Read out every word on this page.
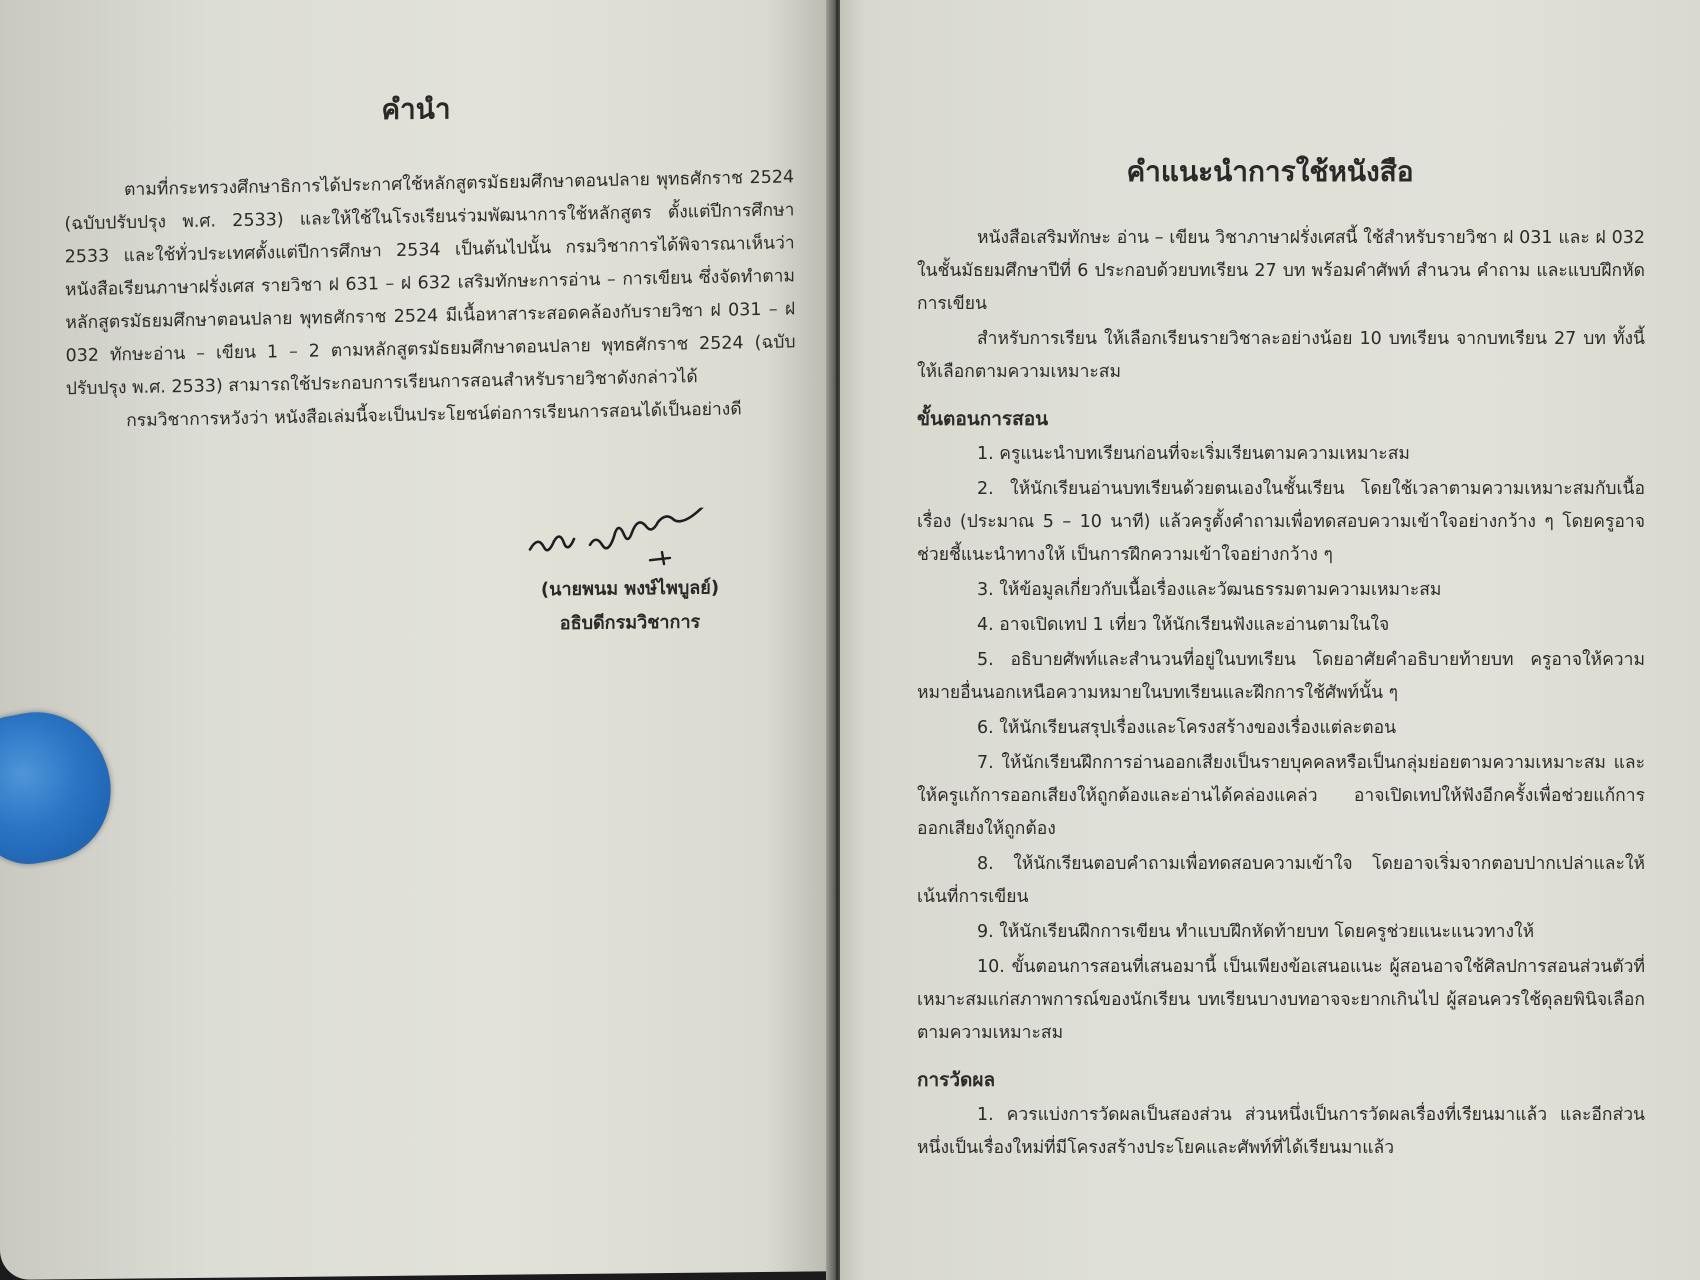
คำนำ

ตามที่กระทรวงศึกษาธิการได้ประกาศใช้หลักสูตรมัธยมศึกษาตอนปลาย พุทธศักราช 2524 (ฉบับปรับปรุง พ.ศ. 2533) และให้ใช้ในโรงเรียนร่วมพัฒนาการใช้หลักสูตร ตั้งแต่ปีการศึกษา 2533 และใช้ทั่วประเทศตั้งแต่ปีการศึกษา 2534 เป็นต้นไปนั้น กรมวิชาการได้พิจารณาเห็นว่าหนังสือเรียนภาษาฝรั่งเศส รายวิชา ฝ 631 – ฝ 632 เสริมทักษะการอ่าน – การเขียน ซึ่งจัดทำตามหลักสูตรมัธยมศึกษาตอนปลาย พุทธศักราช 2524 มีเนื้อหาสาระสอดคล้องกับรายวิชา ฝ 031 – ฝ 032 ทักษะอ่าน – เขียน 1 – 2 ตามหลักสูตรมัธยมศึกษาตอนปลาย พุทธศักราช 2524 (ฉบับปรับปรุง พ.ศ. 2533) สามารถใช้ประกอบการเรียนการสอนสำหรับรายวิชาดังกล่าวได้

กรมวิชาการหวังว่า หนังสือเล่มนี้จะเป็นประโยชน์ต่อการเรียนการสอนได้เป็นอย่างดี

(นายพนม พงษ์ไพบูลย์)
อธิบดีกรมวิชาการ
คำแนะนำการใช้หนังสือ

หนังสือเสริมทักษะ อ่าน – เขียน วิชาภาษาฝรั่งเศสนี้ ใช้สำหรับรายวิชา ฝ 031 และ ฝ 032 ในชั้นมัธยมศึกษาปีที่ 6 ประกอบด้วยบทเรียน 27 บท พร้อมคำศัพท์ สำนวน คำถาม และแบบฝึกหัดการเขียน

สำหรับการเรียน ให้เลือกเรียนรายวิชาละอย่างน้อย 10 บทเรียน จากบทเรียน 27 บท ทั้งนี้ให้เลือกตามความเหมาะสม

ขั้นตอนการสอน

1. ครูแนะนำบทเรียนก่อนที่จะเริ่มเรียนตามความเหมาะสม

2. ให้นักเรียนอ่านบทเรียนด้วยตนเองในชั้นเรียน โดยใช้เวลาตามความเหมาะสมกับเนื้อเรื่อง (ประมาณ 5 – 10 นาที) แล้วครูตั้งคำถามเพื่อทดสอบความเข้าใจอย่างกว้าง ๆ โดยครูอาจช่วยชี้แนะนำทางให้ เป็นการฝึกความเข้าใจอย่างกว้าง ๆ

3. ให้ข้อมูลเกี่ยวกับเนื้อเรื่องและวัฒนธรรมตามความเหมาะสม

4. อาจเปิดเทป 1 เที่ยว ให้นักเรียนฟังและอ่านตามในใจ

5. อธิบายศัพท์และสำนวนที่อยู่ในบทเรียน โดยอาศัยคำอธิบายท้ายบท ครูอาจให้ความหมายอื่นนอกเหนือความหมายในบทเรียนและฝึกการใช้ศัพท์นั้น ๆ

6. ให้นักเรียนสรุปเรื่องและโครงสร้างของเรื่องแต่ละตอน

7. ให้นักเรียนฝึกการอ่านออกเสียงเป็นรายบุคคลหรือเป็นกลุ่มย่อยตามความเหมาะสม และให้ครูแก้การออกเสียงให้ถูกต้องและอ่านได้คล่องแคล่ว อาจเปิดเทปให้ฟังอีกครั้งเพื่อช่วยแก้การออกเสียงให้ถูกต้อง

8. ให้นักเรียนตอบคำถามเพื่อทดสอบความเข้าใจ โดยอาจเริ่มจากตอบปากเปล่าและให้เน้นที่การเขียน

9. ให้นักเรียนฝึกการเขียน ทำแบบฝึกหัดท้ายบท โดยครูช่วยแนะแนวทางให้

10. ขั้นตอนการสอนที่เสนอมานี้ เป็นเพียงข้อเสนอแนะ ผู้สอนอาจใช้ศิลปการสอนส่วนตัวที่เหมาะสมแก่สภาพการณ์ของนักเรียน บทเรียนบางบทอาจจะยากเกินไป ผู้สอนควรใช้ดุลยพินิจเลือกตามความเหมาะสม

การวัดผล

1. ควรแบ่งการวัดผลเป็นสองส่วน ส่วนหนึ่งเป็นการวัดผลเรื่องที่เรียนมาแล้ว และอีกส่วนหนึ่งเป็นเรื่องใหม่ที่มีโครงสร้างประโยคและศัพท์ที่ได้เรียนมาแล้ว
